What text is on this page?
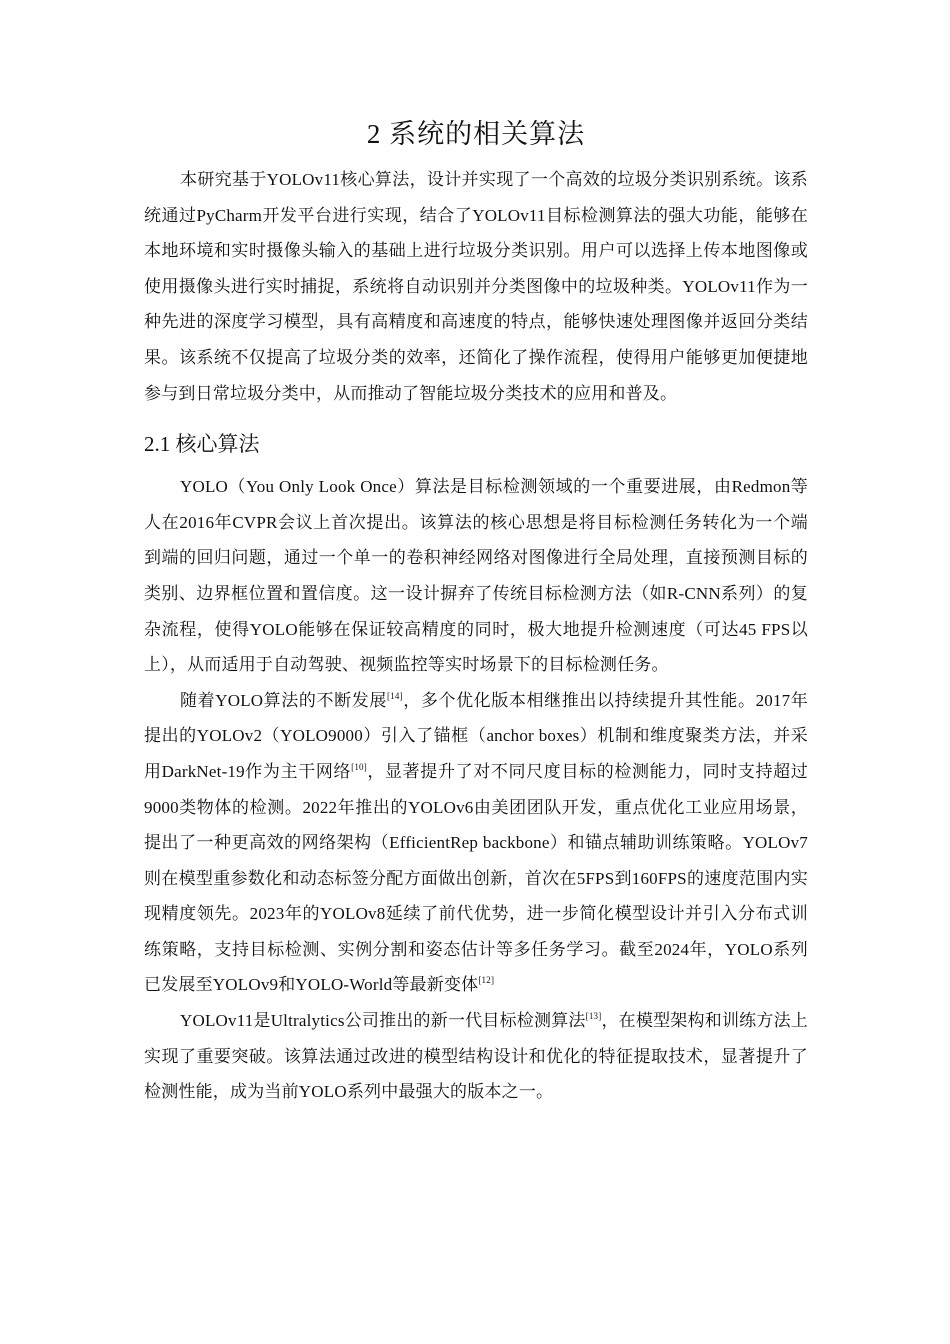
2 系统的相关算法

本研究基于YOLOv11核心算法，设计并实现了一个高效的垃圾分类识别系统。该系统通过PyCharm开发平台进行实现，结合了YOLOv11目标检测算法的强大功能，能够在本地环境和实时摄像头输入的基础上进行垃圾分类识别。用户可以选择上传本地图像或使用摄像头进行实时捕捉，系统将自动识别并分类图像中的垃圾种类。YOLOv11作为一种先进的深度学习模型，具有高精度和高速度的特点，能够快速处理图像并返回分类结果。该系统不仅提高了垃圾分类的效率，还简化了操作流程，使得用户能够更加便捷地参与到日常垃圾分类中，从而推动了智能垃圾分类技术的应用和普及。

2.1 核心算法

YOLO（You Only Look Once）算法是目标检测领域的一个重要进展，由Redmon等人在2016年CVPR会议上首次提出。该算法的核心思想是将目标检测任务转化为一个端到端的回归问题，通过一个单一的卷积神经网络对图像进行全局处理，直接预测目标的类别、边界框位置和置信度。这一设计摒弃了传统目标检测方法（如R-CNN系列）的复杂流程，使得YOLO能够在保证较高精度的同时，极大地提升检测速度（可达45 FPS以上），从而适用于自动驾驶、视频监控等实时场景下的目标检测任务。

随着YOLO算法的不断发展[14]，多个优化版本相继推出以持续提升其性能。2017年提出的YOLOv2（YOLO9000）引入了锚框（anchor boxes）机制和维度聚类方法，并采用DarkNet-19作为主干网络[10]，显著提升了对不同尺度目标的检测能力，同时支持超过9000类物体的检测。2022年推出的YOLOv6由美团团队开发，重点优化工业应用场景，提出了一种更高效的网络架构（EfficientRep backbone）和锚点辅助训练策略。YOLOv7则在模型重参数化和动态标签分配方面做出创新，首次在5FPS到160FPS的速度范围内实现精度领先。2023年的YOLOv8延续了前代优势，进一步简化模型设计并引入分布式训练策略，支持目标检测、实例分割和姿态估计等多任务学习。截至2024年，YOLO系列已发展至YOLOv9和YOLO-World等最新变体[12]

YOLOv11是Ultralytics公司推出的新一代目标检测算法[13]，在模型架构和训练方法上实现了重要突破。该算法通过改进的模型结构设计和优化的特征提取技术，显著提升了检测性能，成为当前YOLO系列中最强大的版本之一。
